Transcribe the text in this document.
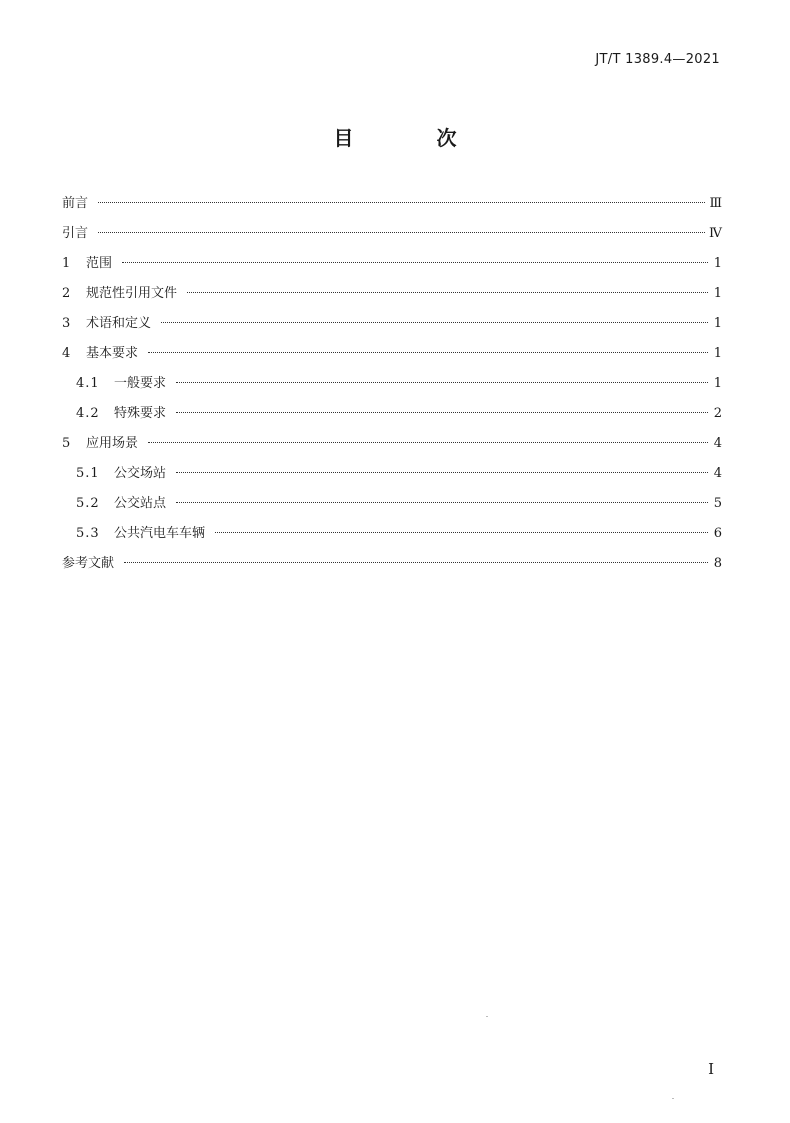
JT/T 1389.4—2021
目 次
前言	Ⅲ
引言	Ⅳ
1	范围	1
2	规范性引用文件	1
3	术语和定义	1
4	基本要求	1
4.1	一般要求	1
4.2	特殊要求	2
5	应用场景	4
5.1	公交场站	4
5.2	公交站点	5
5.3	公共汽电车车辆	6
参考文献	8
Ⅰ
